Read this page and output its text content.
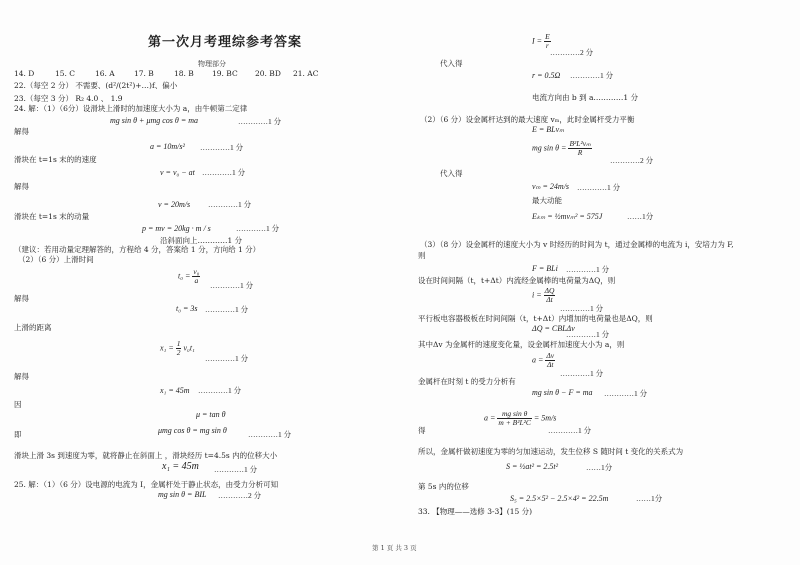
第一次月考理综参考答案
物理部分
14. D	15. C	16. A	17. B	18. B 19. BC 20. BD 21. AC
22.（每空 2 分） 不需要、(d²/(2t²)+…)f、偏小
23.（每空 3 分） R₂ 4.0 、 1.9
24. 解：（1）（6分）设滑块上滑时的加速度大小为 a，由牛顿第二定律
mg sin θ + μmg cos θ = ma	…………1 分
解得
a = 10m/s² …………1 分
滑块在 t=1s 末的的速度
v = v₀ − at …………1 分
解得
v = 20m/s …………1 分
滑块在 t=1s 末的动量
p = mv = 20kg · m / s	…………1 分
沿斜面向上…………1 分
（建议：若用动量定理解答的，方程给 4 分，答案给 1 分，方向给 1 分）
（2）（6 分）上滑时间
$t_0 = \frac{\text{v₀}}{a}$
…………1 分
解得
t₀ = 3s …………1 分
上滑的距离
$x_1 = \frac{1}{2} v_0t_1$
…………1 分
解得
x₁ = 45m …………1 分
因
μ = tan θ
即	μmg cos θ = mg sin θ	…………1 分
滑块上滑 3s 到速度为零，就将静止在斜面上 ，滑块经历 t=4.5s 内的位移大小
x₁ = 45m …………1 分
25. 解：（1）（6 分）设电源的电流为 I，金属杆处于静止状态，由受力分析可知
mg sin θ = BIL …………2 分
$I = \frac{E}{r}$
…………2 分
代入得
r = 0.5Ω …………1 分
电流方向由 b 到 a…………1 分
（2）（6 分）设金属杆达到的最大速度 vₘ，此时金属杆受力平衡
E = BLvₘ
mg $\sin \theta = \frac{\text{B²L²vₘ}}{R}$
…………2 分
代入得
vₘ = 24m/s …………1 分
最大动能
Eₖₘ = ½mvₘ² = 575J	……1分
（3）（8 分）设金属杆的速度大小为 v 时经历的时间为 t，通过金属棒的电流为 i，安培力为 F,
则
F = BLi …………1 分
设在时间间隔（t，t+Δt）内流经金属棒的电荷量为ΔQ，则
$i = \frac{\Delta Q}{\Delta t}$
…………1 分
平行板电容器极板在时间间隔（t，t+Δt）内增加的电荷量也是ΔQ，则
ΔQ = CBLΔv
…………1 分
其中Δv 为金属杆的速度变化量，设金属杆加速度大小为 a，则
$a = \frac{\Delta v}{\Delta t}$
…………1 分
金属杆在时刻 t 的受力分析有
mg sin θ − F = ma …………1 分
得
$a = \frac{\text{mg sin θ}}{\text{m + B²L²C}} = 5m/s$
…………1 分
所以，金属杆做初速度为零的匀加速运动，发生位移 S 随时间 t 变化的关系式为
S = ½at² = 2.5t²	……1分
第 5s 内的位移
S₅ = 2.5×5² − 2.5×4² = 22.5m	……1分
33. 【物理——选修 3-3】(15 分)
第 1 页 共 3 页
